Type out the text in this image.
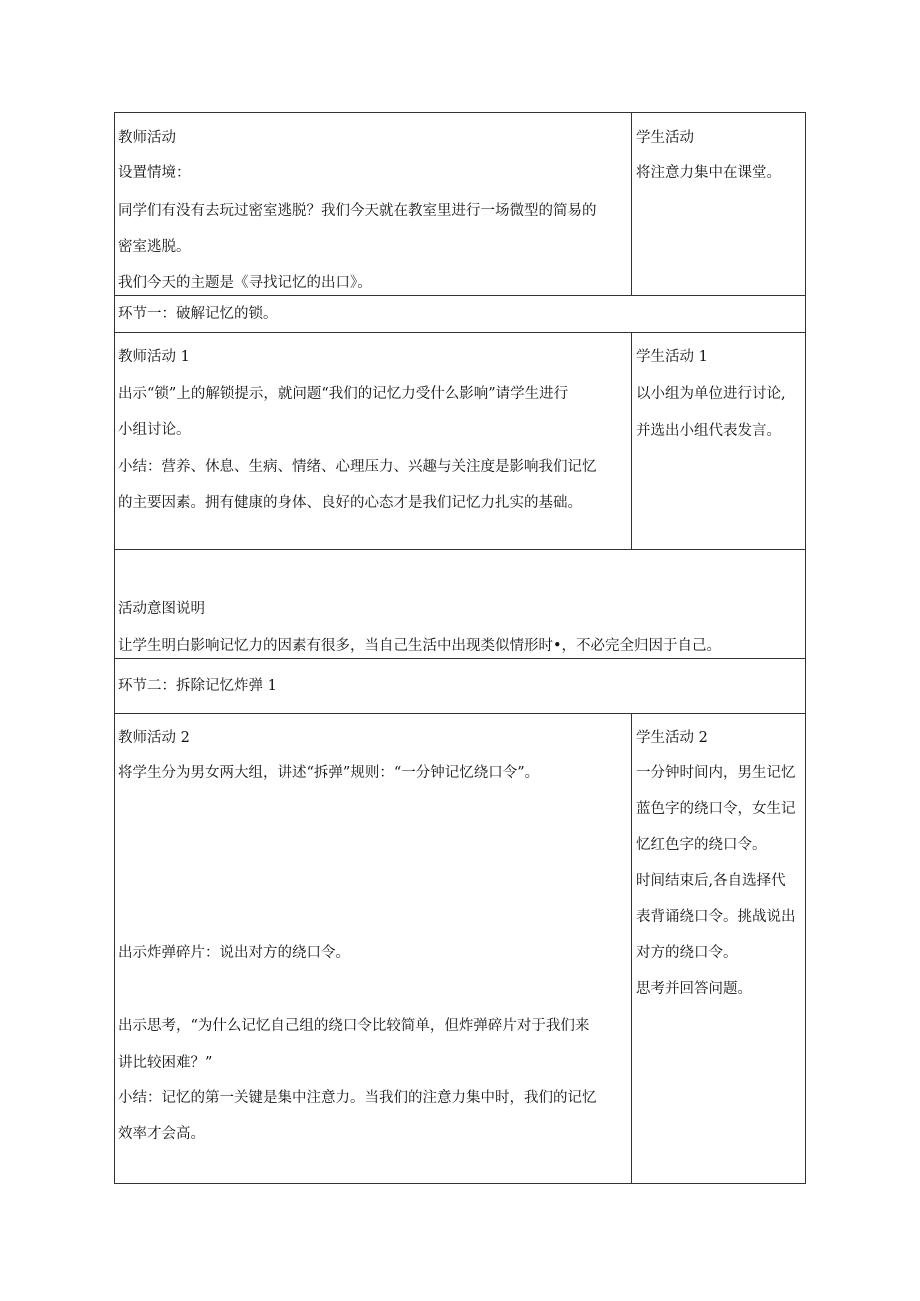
教师活动
设置情境：
同学们有没有去玩过密室逃脱？我们今天就在教室里进行一场微型的简易的
密室逃脱。
我们今天的主题是《寻找记忆的出口》。
学生活动
将注意力集中在课堂。
环节一：破解记忆的锁。
教师活动 1
出示“锁”上的解锁提示，就问题“我们的记忆力受什么影响”请学生进行
小组讨论。
小结：营养、休息、生病、情绪、心理压力、兴趣与关注度是影响我们记忆
的主要因素。拥有健康的身体、良好的心态才是我们记忆力扎实的基础。
学生活动 1
以小组为单位进行讨论,
并选出小组代表发言。
活动意图说明
让学生明白影响记忆力的因素有很多，当自己生活中出现类似情形时•，不必完全归因于自己。
环节二：拆除记忆炸弹 1
教师活动 2
将学生分为男女两大组，讲述“拆弹”规则：“一分钟记忆绕口令”。
出示炸弹碎片：说出对方的绕口令。
出示思考，“为什么记忆自己组的绕口令比较简单，但炸弹碎片对于我们来
讲比较困难？”
小结：记忆的第一关键是集中注意力。当我们的注意力集中时，我们的记忆
效率才会高。
学生活动 2
一分钟时间内，男生记忆
蓝色字的绕口令，女生记
忆红色字的绕口令。
时间结束后,各自选择代
表背诵绕口令。挑战说出
对方的绕口令。
思考并回答问题。
